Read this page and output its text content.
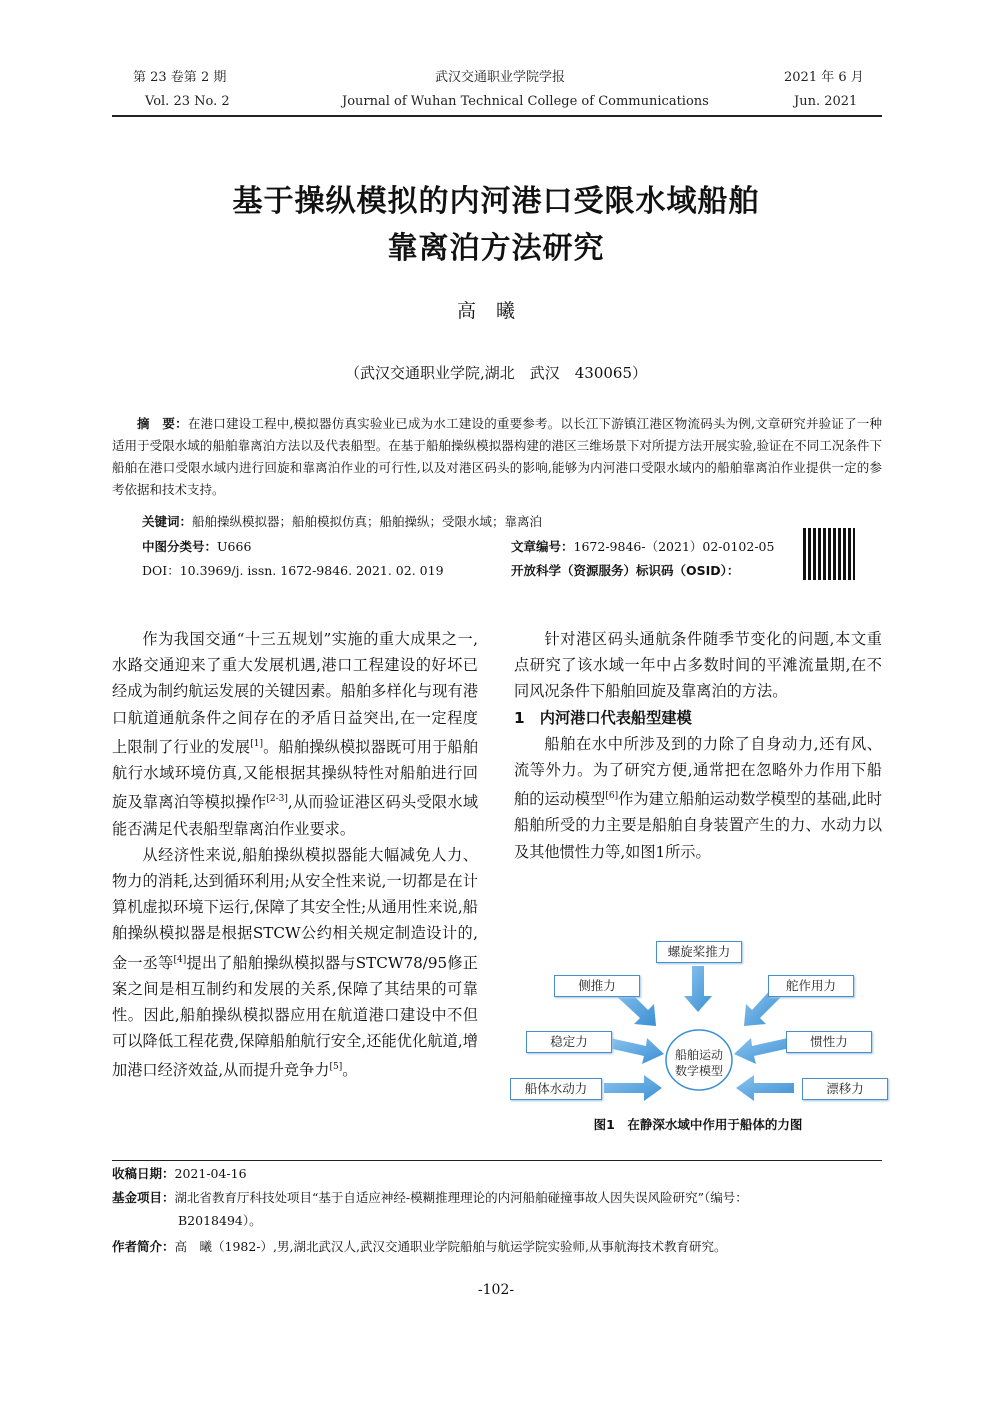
第 23 卷第 2 期	武汉交通职业学院学报	2021 年 6 月
Vol. 23 No. 2	Journal of Wuhan Technical College of Communications	Jun. 2021
基于操纵模拟的内河港口受限水域船舶
靠离泊方法研究
高曦
（武汉交通职业学院,湖北　武汉　430065）
摘　要：在港口建设工程中,模拟器仿真实验业已成为水工建设的重要参考。以长江下游镇江港区物流码头为例,文章研究并验证了一种适用于受限水域的船舶靠离泊方法以及代表船型。在基于船舶操纵模拟器构建的港区三维场景下对所提方法开展实验,验证在不同工况条件下船舶在港口受限水域内进行回旋和靠离泊作业的可行性,以及对港区码头的影响,能够为内河港口受限水域内的船舶靠离泊作业提供一定的参考依据和技术支持。
关键词：船舶操纵模拟器；船舶模拟仿真；船舶操纵；受限水域；靠离泊
中图分类号：U666
DOI：10.3969/j. issn. 1672-9846. 2021. 02. 019
文章编号：1672-9846-（2021）02-0102-05
开放科学（资源服务）标识码（OSID）：

作为我国交通“十三五规划”实施的重大成果之一,水路交通迎来了重大发展机遇,港口工程建设的好坏已经成为制约航运发展的关键因素。船舶多样化与现有港口航道通航条件之间存在的矛盾日益突出,在一定程度上限制了行业的发展[1]。船舶操纵模拟器既可用于船舶航行水域环境仿真,又能根据其操纵特性对船舶进行回旋及靠离泊等模拟操作[2-3],从而验证港区码头受限水域能否满足代表船型靠离泊作业要求。

从经济性来说,船舶操纵模拟器能大幅减免人力、物力的消耗,达到循环利用;从安全性来说,一切都是在计算机虚拟环境下运行,保障了其安全性;从通用性来说,船舶操纵模拟器是根据STCW公约相关规定制造设计的,金一丞等[4]提出了船舶操纵模拟器与STCW78/95修正案之间是相互制约和发展的关系,保障了其结果的可靠性。因此,船舶操纵模拟器应用在航道港口建设中不但可以降低工程花费,保障船舶航行安全,还能优化航道,增加港口经济效益,从而提升竞争力[5]。

针对港区码头通航条件随季节变化的问题,本文重点研究了该水域一年中占多数时间的平滩流量期,在不同风况条件下船舶回旋及靠离泊的方法。

1　内河港口代表船型建模

船舶在水中所涉及到的力除了自身动力,还有风、流等外力。为了研究方便,通常把在忽略外力作用下船舶的运动模型[6]作为建立船舶运动数学模型的基础,此时船舶所受的力主要是船舶自身装置产生的力、水动力以及其他惯性力等,如图1所示。

船舶运动
数学模型
螺旋桨推力
侧推力	舵作用力
稳定力	惯性力
船体水动力	漂移力
图1　在静深水域中作用于船体的力图
收稿日期：2021-04-16
基金项目：湖北省教育厅科技处项目“基于自适应神经-模糊推理理论的内河船舶碰撞事故人因失误风险研究”（编号：
B2018494）。
作者简介：高　曦（1982-）,男,湖北武汉人,武汉交通职业学院船舶与航运学院实验师,从事航海技术教育研究。
-102-
